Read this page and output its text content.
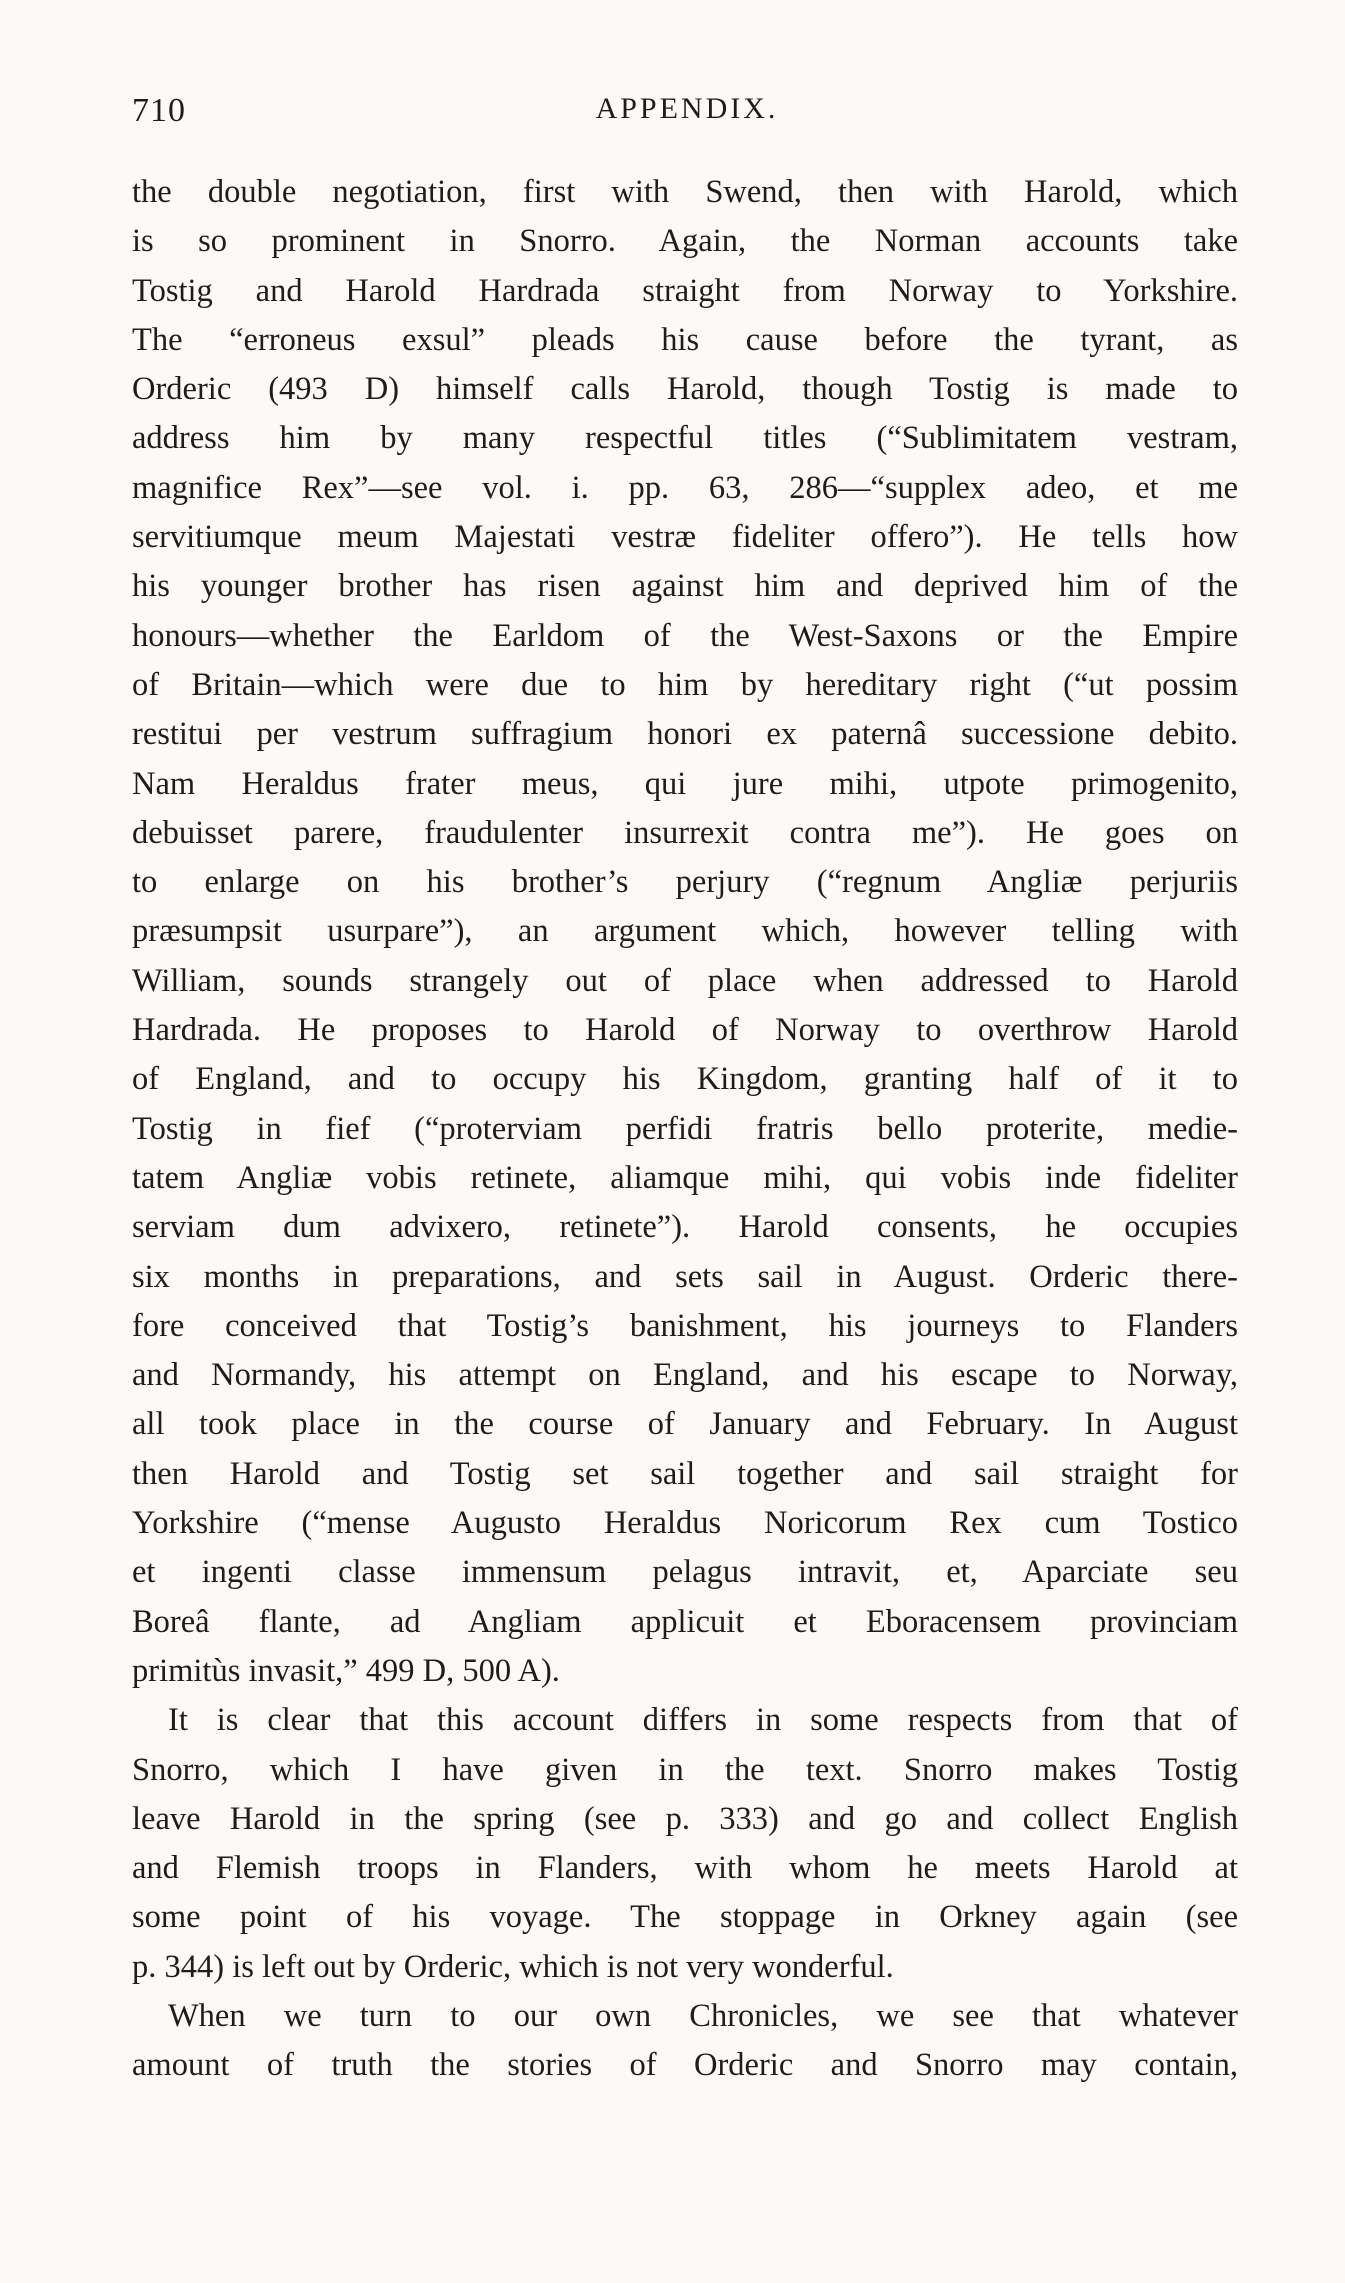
710	APPENDIX.
the double negotiation, first with Swend, then with Harold, which
is so prominent in Snorro. Again, the Norman accounts take
Tostig and Harold Hardrada straight from Norway to Yorkshire.
The “erroneus exsul” pleads his cause before the tyrant, as
Orderic (493 D) himself calls Harold, though Tostig is made to
address him by many respectful titles (“Sublimitatem vestram,
magnifice Rex”—see vol. i. pp. 63, 286—“supplex adeo, et me
servitiumque meum Majestati vestræ fideliter offero”). He tells how
his younger brother has risen against him and deprived him of the
honours—whether the Earldom of the West-Saxons or the Empire
of Britain—which were due to him by hereditary right (“ut possim
restitui per vestrum suffragium honori ex paternâ successione debito.
Nam Heraldus frater meus, qui jure mihi, utpote primogenito,
debuisset parere, fraudulenter insurrexit contra me”). He goes on
to enlarge on his brother’s perjury (“regnum Angliæ perjuriis
præsumpsit usurpare”), an argument which, however telling with
William, sounds strangely out of place when addressed to Harold
Hardrada. He proposes to Harold of Norway to overthrow Harold
of England, and to occupy his Kingdom, granting half of it to
Tostig in fief (“proterviam perfidi fratris bello proterite, medie-
tatem Angliæ vobis retinete, aliamque mihi, qui vobis inde fideliter
serviam dum advixero, retinete”). Harold consents, he occupies
six months in preparations, and sets sail in August. Orderic there-
fore conceived that Tostig’s banishment, his journeys to Flanders
and Normandy, his attempt on England, and his escape to Norway,
all took place in the course of January and February. In August
then Harold and Tostig set sail together and sail straight for
Yorkshire (“mense Augusto Heraldus Noricorum Rex cum Tostico
et ingenti classe immensum pelagus intravit, et, Aparciate seu
Boreâ flante, ad Angliam applicuit et Eboracensem provinciam
primitùs invasit,” 499 D, 500 A).
It is clear that this account differs in some respects from that of
Snorro, which I have given in the text. Snorro makes Tostig
leave Harold in the spring (see p. 333) and go and collect English
and Flemish troops in Flanders, with whom he meets Harold at
some point of his voyage. The stoppage in Orkney again (see
p. 344) is left out by Orderic, which is not very wonderful.
When we turn to our own Chronicles, we see that whatever
amount of truth the stories of Orderic and Snorro may contain,
